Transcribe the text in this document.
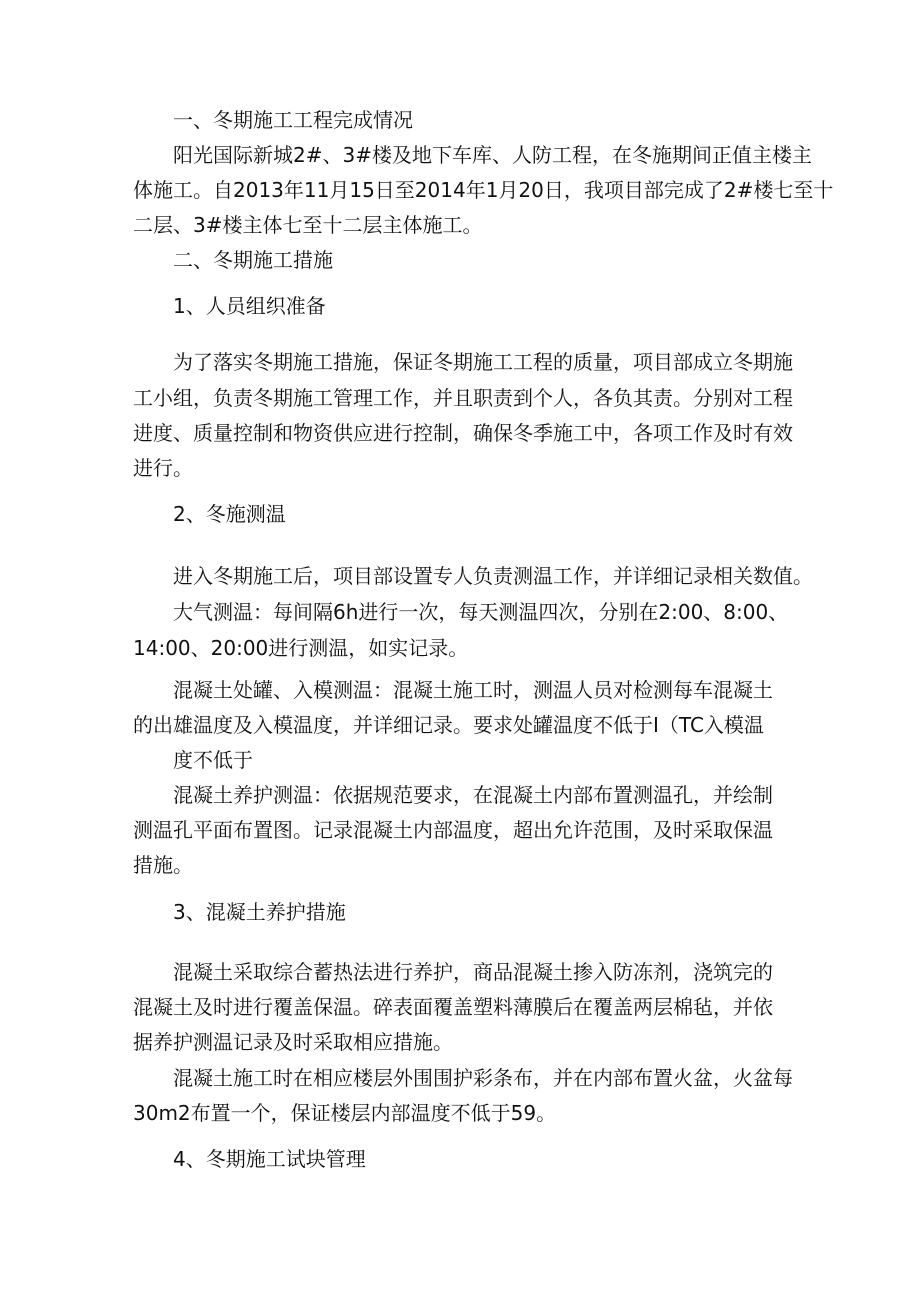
一、冬期施工工程完成情况

阳光国际新城2#、3#楼及地下车库、人防工程，在冬施期间正值主楼主

体施工。自2013年11月15日至2014年1月20日，我项目部完成了2#楼七至十

二层、3#楼主体七至十二层主体施工。

二、冬期施工措施

1、人员组织准备

为了落实冬期施工措施，保证冬期施工工程的质量，项目部成立冬期施

工小组，负责冬期施工管理工作，并且职责到个人，各负其责。分别对工程

进度、质量控制和物资供应进行控制，确保冬季施工中，各项工作及时有效

进行。

2、冬施测温

进入冬期施工后，项目部设置专人负责测温工作，并详细记录相关数值。

大气测温：每间隔6h进行一次，每天测温四次，分别在2:00、8:00、

14:00、20:00进行测温，如实记录。

混凝土处罐、入模测温：混凝土施工时，测温人员对检测每车混凝土

的出雄温度及入模温度，并详细记录。要求处罐温度不低于I（TC入模温

度不低于

混凝土养护测温：依据规范要求，在混凝土内部布置测温孔，并绘制

测温孔平面布置图。记录混凝土内部温度，超出允许范围，及时采取保温

措施。

3、混凝土养护措施

混凝土采取综合蓄热法进行养护，商品混凝土掺入防冻剂，浇筑完的

混凝土及时进行覆盖保温。碎表面覆盖塑料薄膜后在覆盖两层棉毡，并依

据养护测温记录及时采取相应措施。

混凝土施工时在相应楼层外围围护彩条布，并在内部布置火盆，火盆每

30m2布置一个，保证楼层内部温度不低于59。

4、冬期施工试块管理
